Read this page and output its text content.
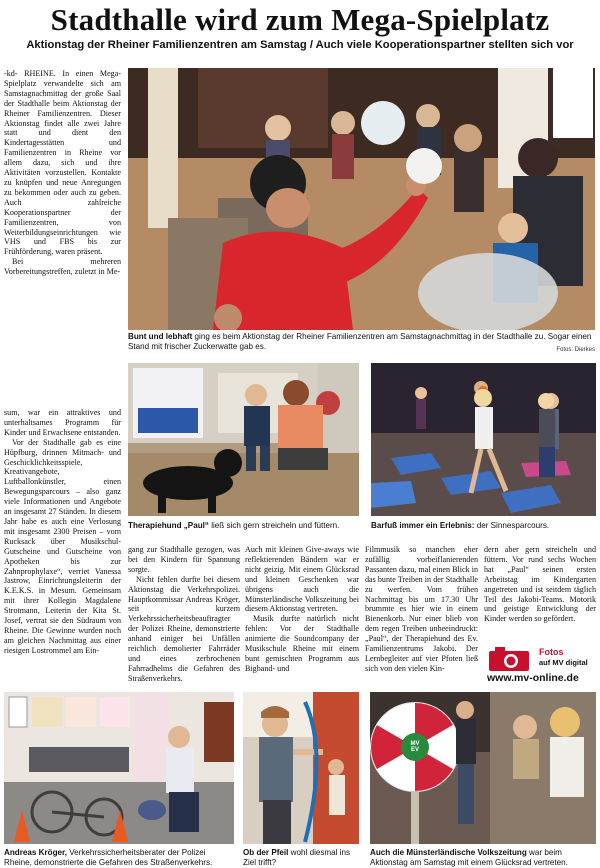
Stadthalle wird zum Mega-Spielplatz
Aktionstag der Rheiner Familienzentren am Samstag / Auch viele Kooperationspartner stellten sich vor

-kd- RHEINE. In einen Mega-Spielplatz verwandelte sich am Samstagnachmittag der große Saal der Stadthalle beim Aktionstag der Rheiner Familienzentren. Dieser Aktionstag findet alle zwei Jahre statt und dient den Kindertagesstätten und Familienzentren in Rheine vor allem dazu, sich und ihre Aktivitäten vorzustellen. Kontakte zu knüpfen und neue Anregungen zu bekommen oder auch zu geben. Auch zahlreiche Kooperationspartner der Familienzentren, von Weiterbildungseinrichtungen wie VHS und FBS bis zur Frühförderung, waren präsent.

Bei mehreren Vorbereitungstreffen, zuletzt in Me-

Bunt und lebhaft ging es beim Aktionstag der Rheiner Familienzentren am Samstagnachmittag in der Stadthalle zu. Sogar einen Stand mit frischer Zuckerwatte gab es.	Fotos: Dierkes

sum, war ein attraktives und unterhaltsames Programm für Kinder und Erwachsene entstanden.

Vor der Stadthalle gab es eine Hüpfburg, drinnen Mitmach- und Geschicklichkeitsspiele, Kreativangebote, Luftballonkünstler, einen Bewegungsparcours – also ganz viele Informationen und Angebote an insgesamt 27 Ständen. In diesem Jahr habe es auch eine Verlosung mit insgesamt 2300 Preisen – vom Rucksack über Musikschul-Gutscheine und Gutscheine von Apotheken bis zur Zahnprophylaxe“, verriet Vanessa Jastrow, Einrichtungsleiterin der K.E.K.S. in Mesum. Gemeinsam mit ihrer Kollegin Magdalene Strotmann, Leiterin der Kita St. Josef, vertrat sie den Südraum von Rheine. Die Gewinne wurden noch am gleichen Nachmittag aus einer riesigen Lostrommel am Ein-

Therapiehund „Paul“ ließ sich gern streicheln und füttern.	Barfuß immer ein Erlebnis: der Sinnesparcours.

gang zur Stadthalle gezogen, was bei den Kindern für Spannung sorgte.

Nicht fehlen durfte bei diesem Aktionstag die Verkehrspolizei. Hauptkommissar Andreas Kröger, seit kurzem Verkehrssicherheitsbeauftragter der Polizei Rheine, demonstrierte anhand einiger bei Unfällen reichlich demolierter Fahrräder und eines zerbrochenen Fahrradhelms die Gefahren des Straßenverkehrs.

Auch mit kleinen Give-aways wie reflektierenden Bändern war er nicht geizig. Mit einem Glücksrad und kleinen Geschenken war übrigens auch die Münsterländische Volkszeitung bei diesem Aktionstag vertreten.

Musik durfte natürlich nicht fehlen: Vor der Stadthalle animierte die Soundcompany der Musikschule Rheine mit einem bunt gemischten Programm aus Bigband- und

Filmmusik so manchen eher zufällig vorbeiflanierenden Passanten dazu, mal einen Blick in das bunte Treiben in der Stadthalle zu werfen. Vom frühen Nachmittag bis um 17.30 Uhr brummte es hier wie in einem Bienenkorb. Nur einer blieb von dem regen Treiben unbeeindruckt: „Paul“, der Therapiehund des Ev. Familienzentrums Jakobi. Der Lernbegleiter auf vier Pfoten ließ sich von den vielen Kin-

dern aber gern streicheln und füttern. Vor rund sechs Wochen hat „Paul“ seinen ersten Arbeitstag im Kindergarten angetreten und ist seitdem täglich Teil des Jakobi-Teams. Motorik und geistige Entwicklung der Kinder werden so gefördert.

Fotos
auf MV digital
www.mv-online.de
Andreas Kröger, Verkehrssicherheitsberater der Polizei Rheine, demonstrierte die Gefahren des Straßenverkehrs.
Ob der Pfeil wohl diesmal ins Ziel trifft?
MV
EV
Auch die Münsterländische Volkszeitung war beim Aktionstag am Samstag mit einem Glücksrad vertreten.
